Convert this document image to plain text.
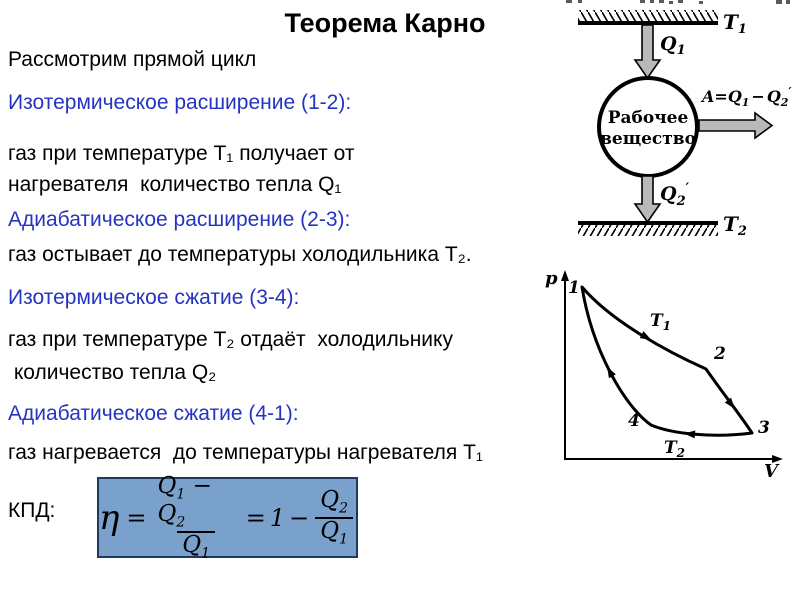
Теорема Карно
Рассмотрим прямой цикл
Изотермическое расширение (1-2):
газ при температуре T₁ получает от
нагревателя  количество тепла Q₁
Адиабатическое расширение (2-3):
газ остывает до температуры холодильника T₂.
Изотермическое сжатие (3-4):
газ при температуре T₂ отдаёт  холодильнику
количество тепла Q₂
Адиабатическое сжатие (4-1):
газ нагревается  до температуры нагревателя T₁
КПД: $\eta = \frac{Q_1 - Q_2}{Q_1} = 1 - \frac{Q_2}{Q_1}$
$T_1$
$Q_1$
Рабочее
вещество
$A=Q_1 - Q_2'$
$Q_2'$
$T_2$
p
V
1
2
3
4
$T_1$
$T_2$
